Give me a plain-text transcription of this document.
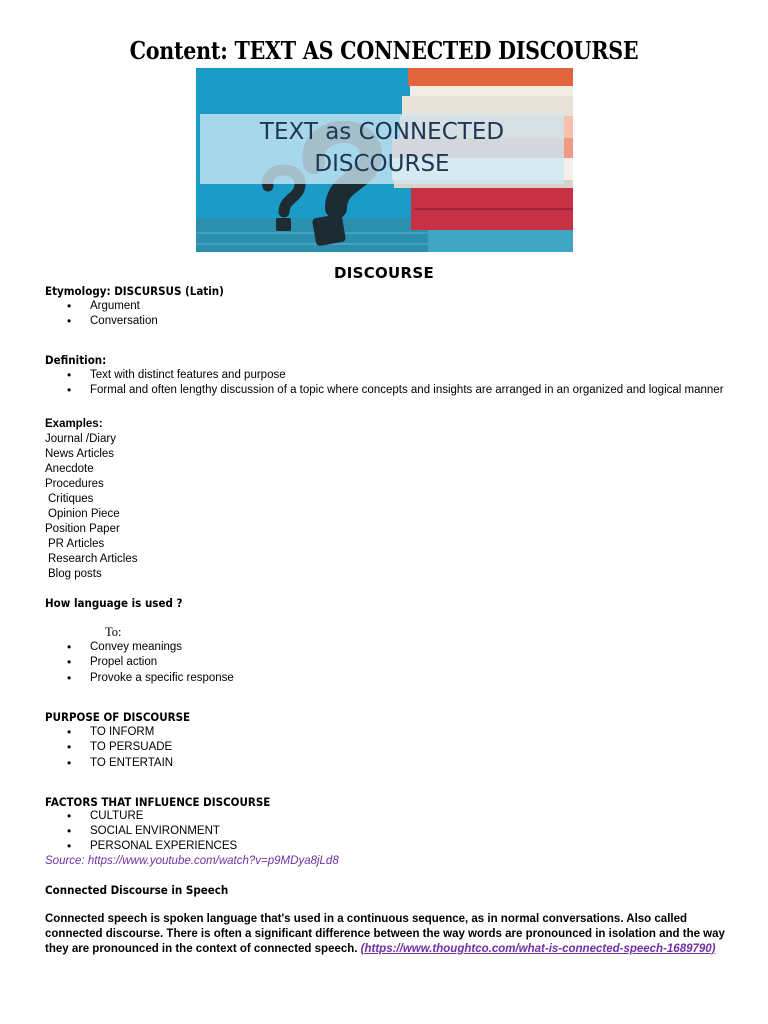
Content: TEXT AS CONNECTED DISCOURSE
TEXT as CONNECTED
DISCOURSE
DISCOURSE
Etymology: DISCURSUS (Latin)
• Argument
• Conversation
Definition:
• Text with distinct features and purpose
• Formal and often lengthy discussion of a topic where concepts and insights are arranged in an organized and logical manner
Examples:
Journal /Diary
News Articles
Anecdote
Procedures
Critiques
Opinion Piece
Position Paper
PR Articles
Research Articles
Blog posts
How language is used ?
To:
• Convey meanings
• Propel action
• Provoke a specific response
PURPOSE OF DISCOURSE
• TO INFORM
• TO PERSUADE
• TO ENTERTAIN
FACTORS THAT INFLUENCE DISCOURSE
• CULTURE
• SOCIAL ENVIRONMENT
• PERSONAL EXPERIENCES
Source: https://www.youtube.com/watch?v=p9MDya8jLd8
Connected Discourse in Speech
Connected speech is spoken language that's used in a continuous sequence, as in normal conversations. Also called connected discourse. There is often a significant difference between the way words are pronounced in isolation and the way they are pronounced in the context of connected speech. (https://www.thoughtco.com/what-is-connected-speech-1689790)
